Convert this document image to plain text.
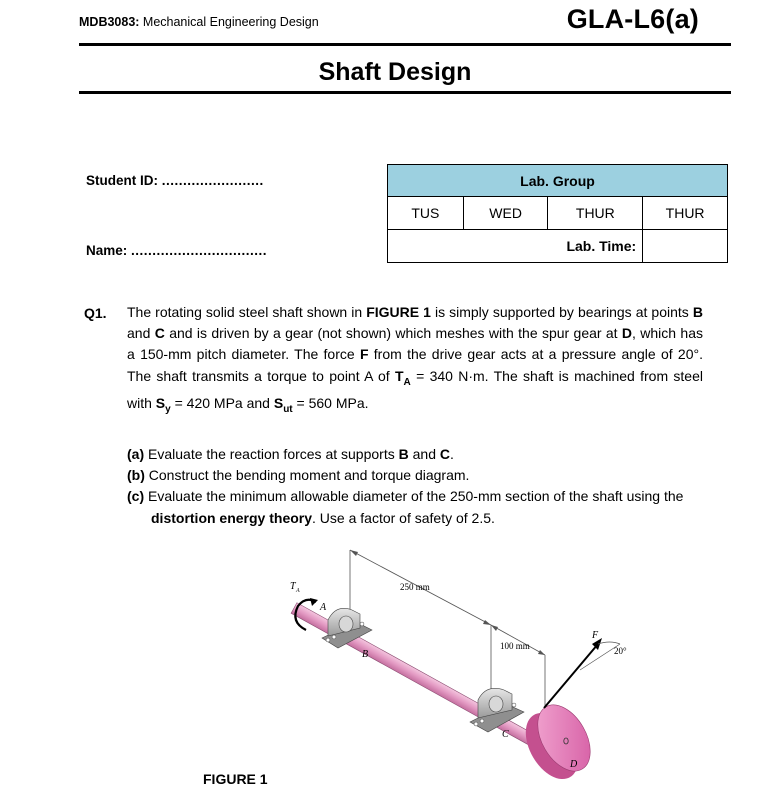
MDB3083: Mechanical Engineering Design	GLA-L6(a)
Shaft Design
Student ID: ........................
Name: ................................
Lab. Group			
TUS	WED	THUR	THUR

		Lab. Time:	

Q1. The rotating solid steel shaft shown in FIGURE 1 is simply supported by bearings at points B and C and is driven by a gear (not shown) which meshes with the spur gear at D, which has a 150-mm pitch diameter. The force F from the drive gear acts at a pressure angle of 20°. The shaft transmits a torque to point A of $T_A = 340$ N·m. The shaft is machined from steel with $S_y = 420$ MPa and $S_{ut} = 560$ MPa.
(a) Evaluate the reaction forces at supports B and C.
(b) Construct the bending moment and torque diagram.
(c) Evaluate the minimum allowable diameter of the 250-mm section of the shaft using the distortion energy theory. Use a factor of safety of 2.5.
250 mm
100 mm
T A
A
B
C
D
F
20°
FIGURE 1
